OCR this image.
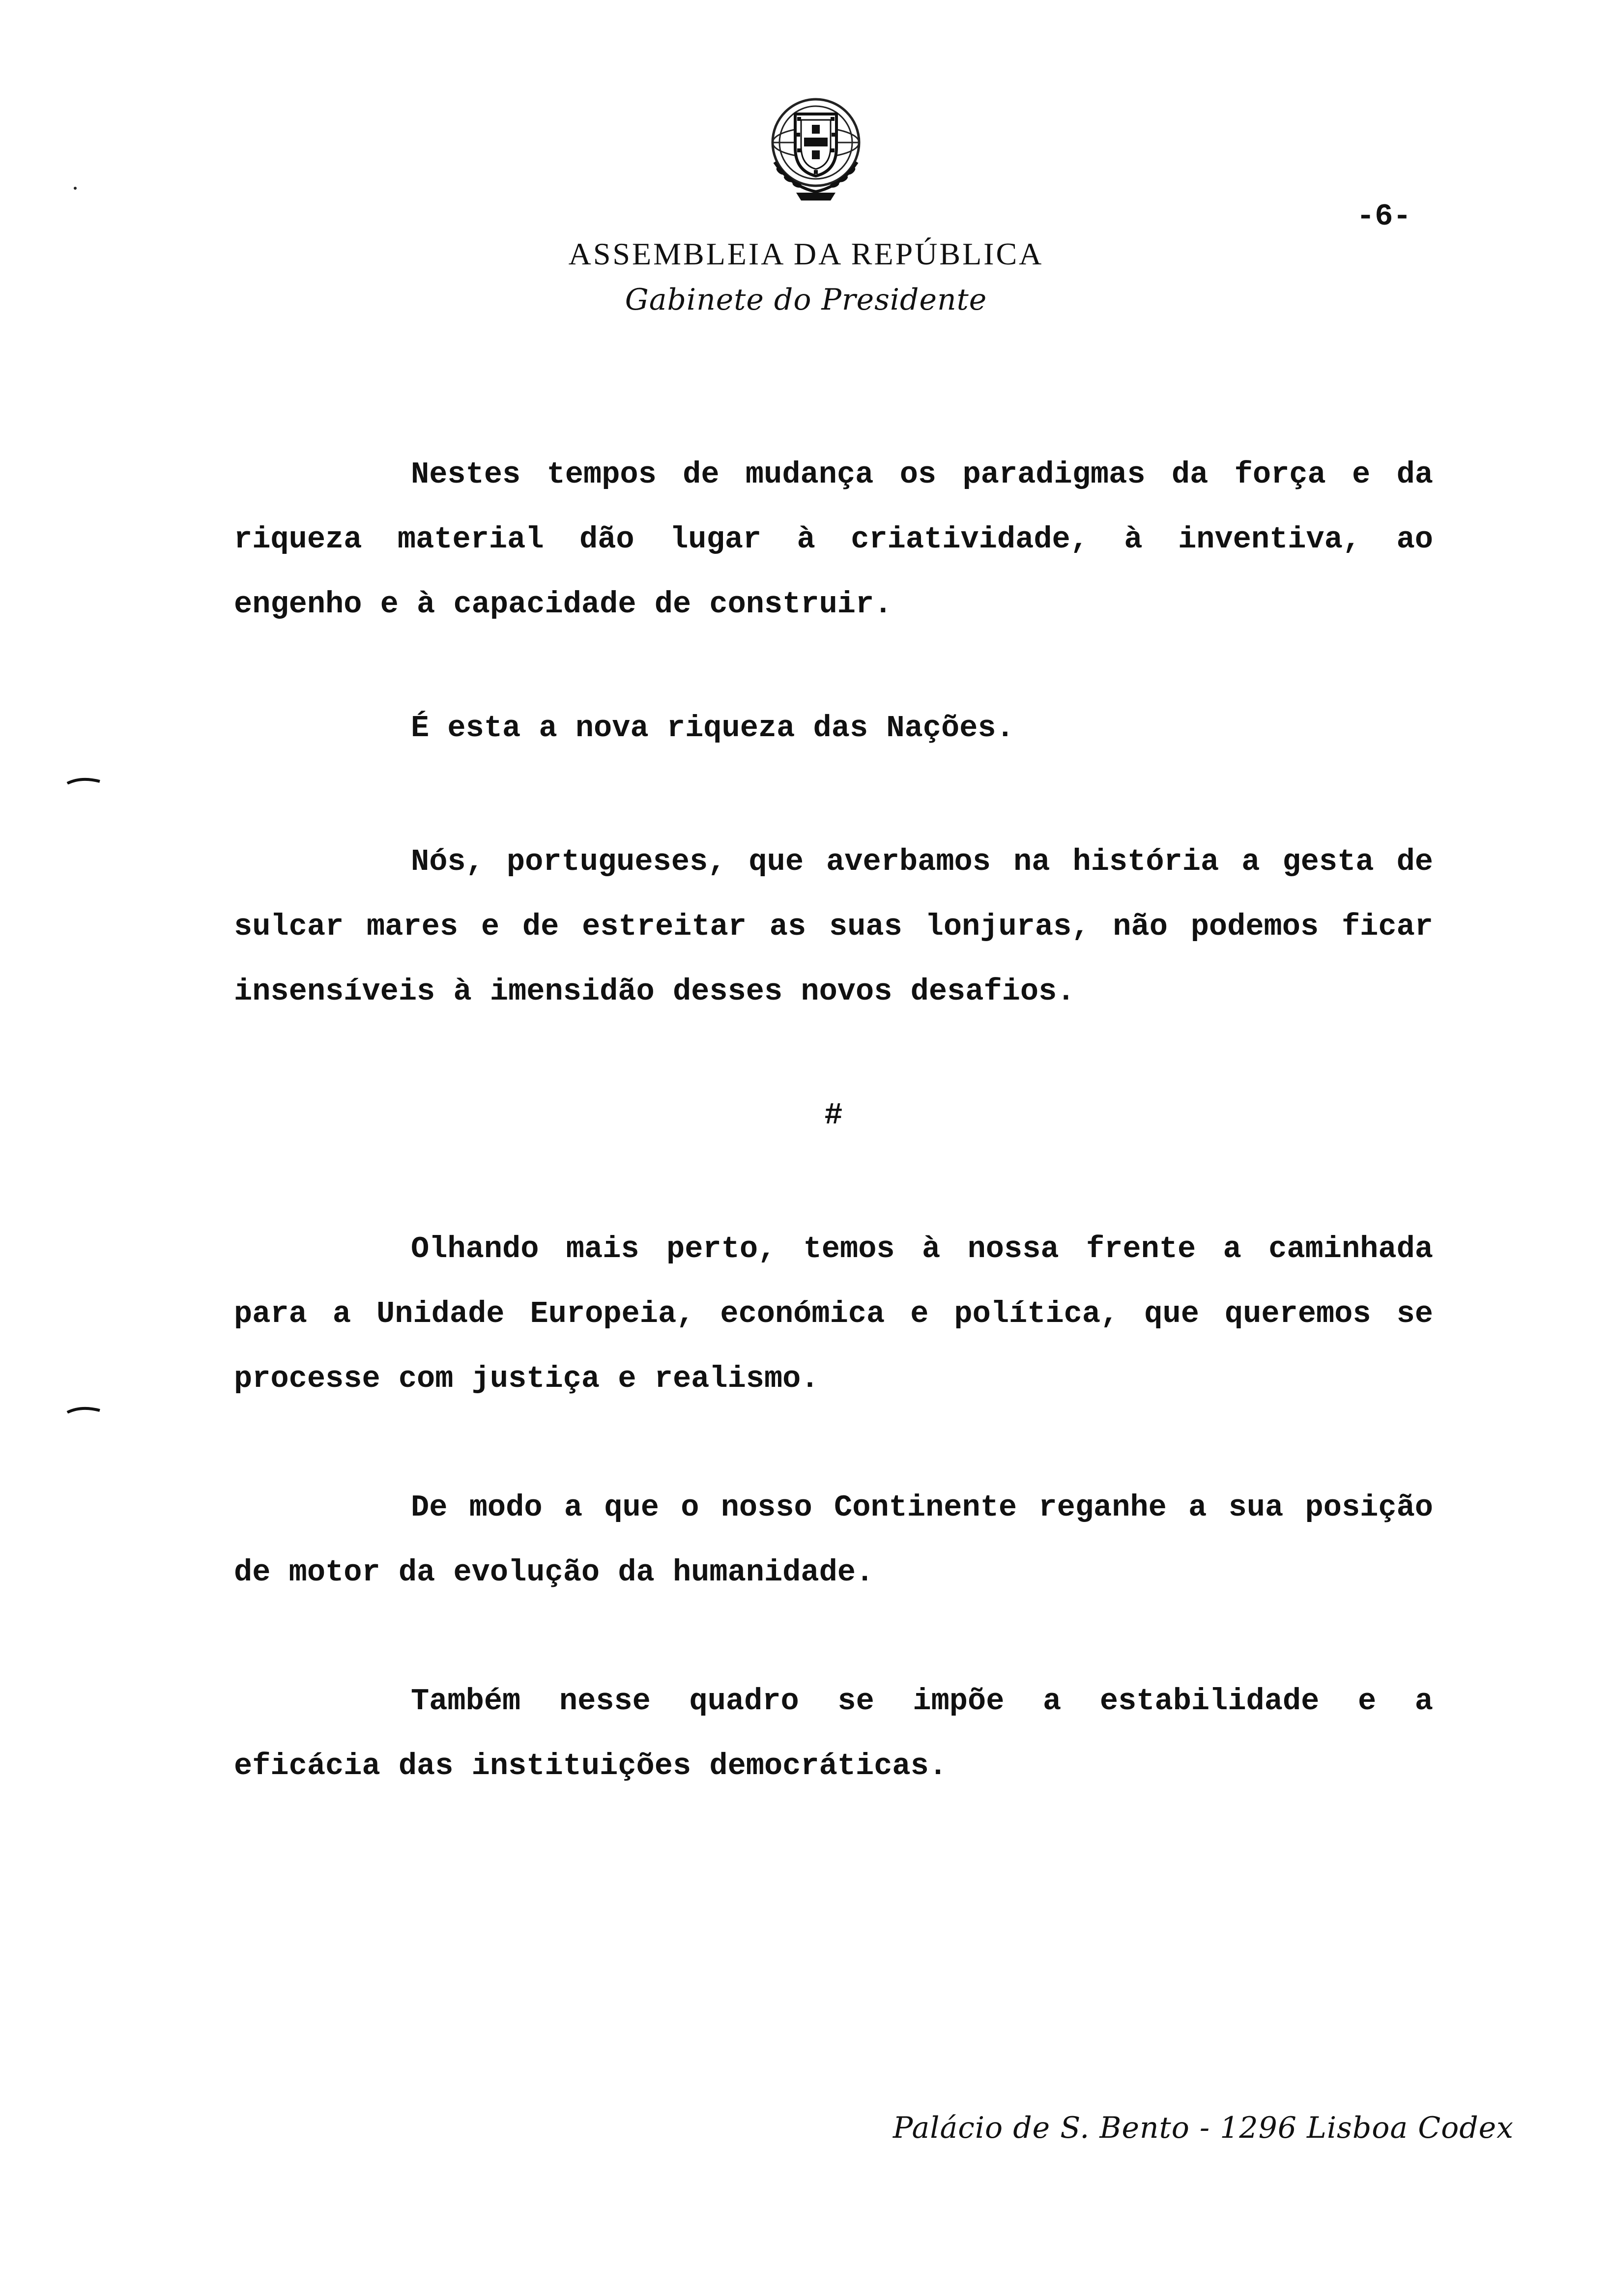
ASSEMBLEIA DA REPÚBLICA
Gabinete do Presidente
-6-

Nestes tempos de mudança os paradigmas da força e da riqueza material dão lugar à criatividade, à inventiva, ao engenho e à capacidade de construir.

É esta a nova riqueza das Nações.

Nós, portugueses, que averbamos na história a gesta de sulcar mares e de estreitar as suas lonjuras, não podemos ficar insensíveis à imensidão desses novos desafios.

#

Olhando mais perto, temos à nossa frente a caminhada para a Unidade Europeia, económica e política, que queremos se processe com justiça e realismo.

De modo a que o nosso Continente reganhe a sua posição de motor da evolução da humanidade.

Também nesse quadro se impõe a estabilidade e a eficácia das instituições democráticas.

Palácio de S. Bento - 1296 Lisboa Codex
